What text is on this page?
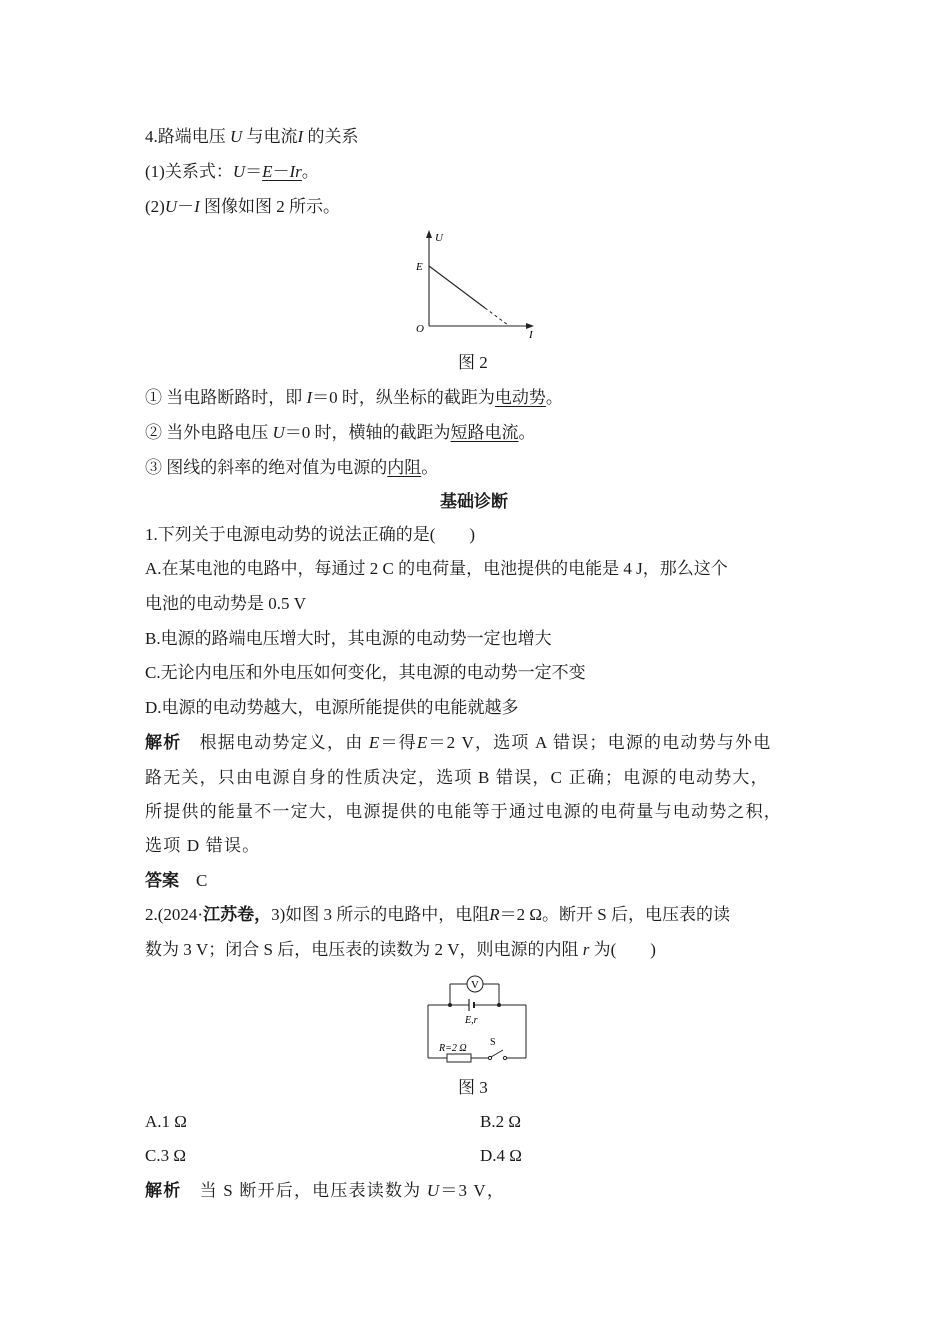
4.路端电压 U 与电流I 的关系
(1)关系式：U＝E－Ir。
(2)U－I 图像如图 2 所示。
U
I
E
O
图 2
① 当电路断路时，即 I＝0 时，纵坐标的截距为电动势。
② 当外电路电压 U＝0 时，横轴的截距为短路电流。
③ 图线的斜率的绝对值为电源的内阻。
基础诊断
1.下列关于电源电动势的说法正确的是(　　)
A.在某电池的电路中，每通过 2 C 的电荷量，电池提供的电能是 4 J，那么这个
电池的电动势是 0.5 V
B.电源的路端电压增大时，其电源的电动势一定也增大
C.无论内电压和外电压如何变化，其电源的电动势一定不变
D.电源的电动势越大，电源所能提供的电能就越多
解析　 根据电动势定义，由 E＝得E＝2 V，选项 A 错误；电源的电动势与外电
路无关，只由电源自身的性质决定，选项 B 错误，C 正确；电源的电动势大，
所提供的能量不一定大，电源提供的电能等于通过电源的电荷量与电动势之积，
选项 D 错误。
答案　 C
2.(2024·江苏卷，3)如图 3 所示的电路中，电阻R＝2 Ω。断开 S 后，电压表的读
数为 3 V；闭合 S 后，电压表的读数为 2 V，则电源的内阻 r 为(　　)
V
E,r
R=2 Ω
S
图 3
A.1 Ω	B.2 Ω
C.3 Ω	D.4 Ω
解析　 当 S 断开后，电压表读数为 U＝3 V，
